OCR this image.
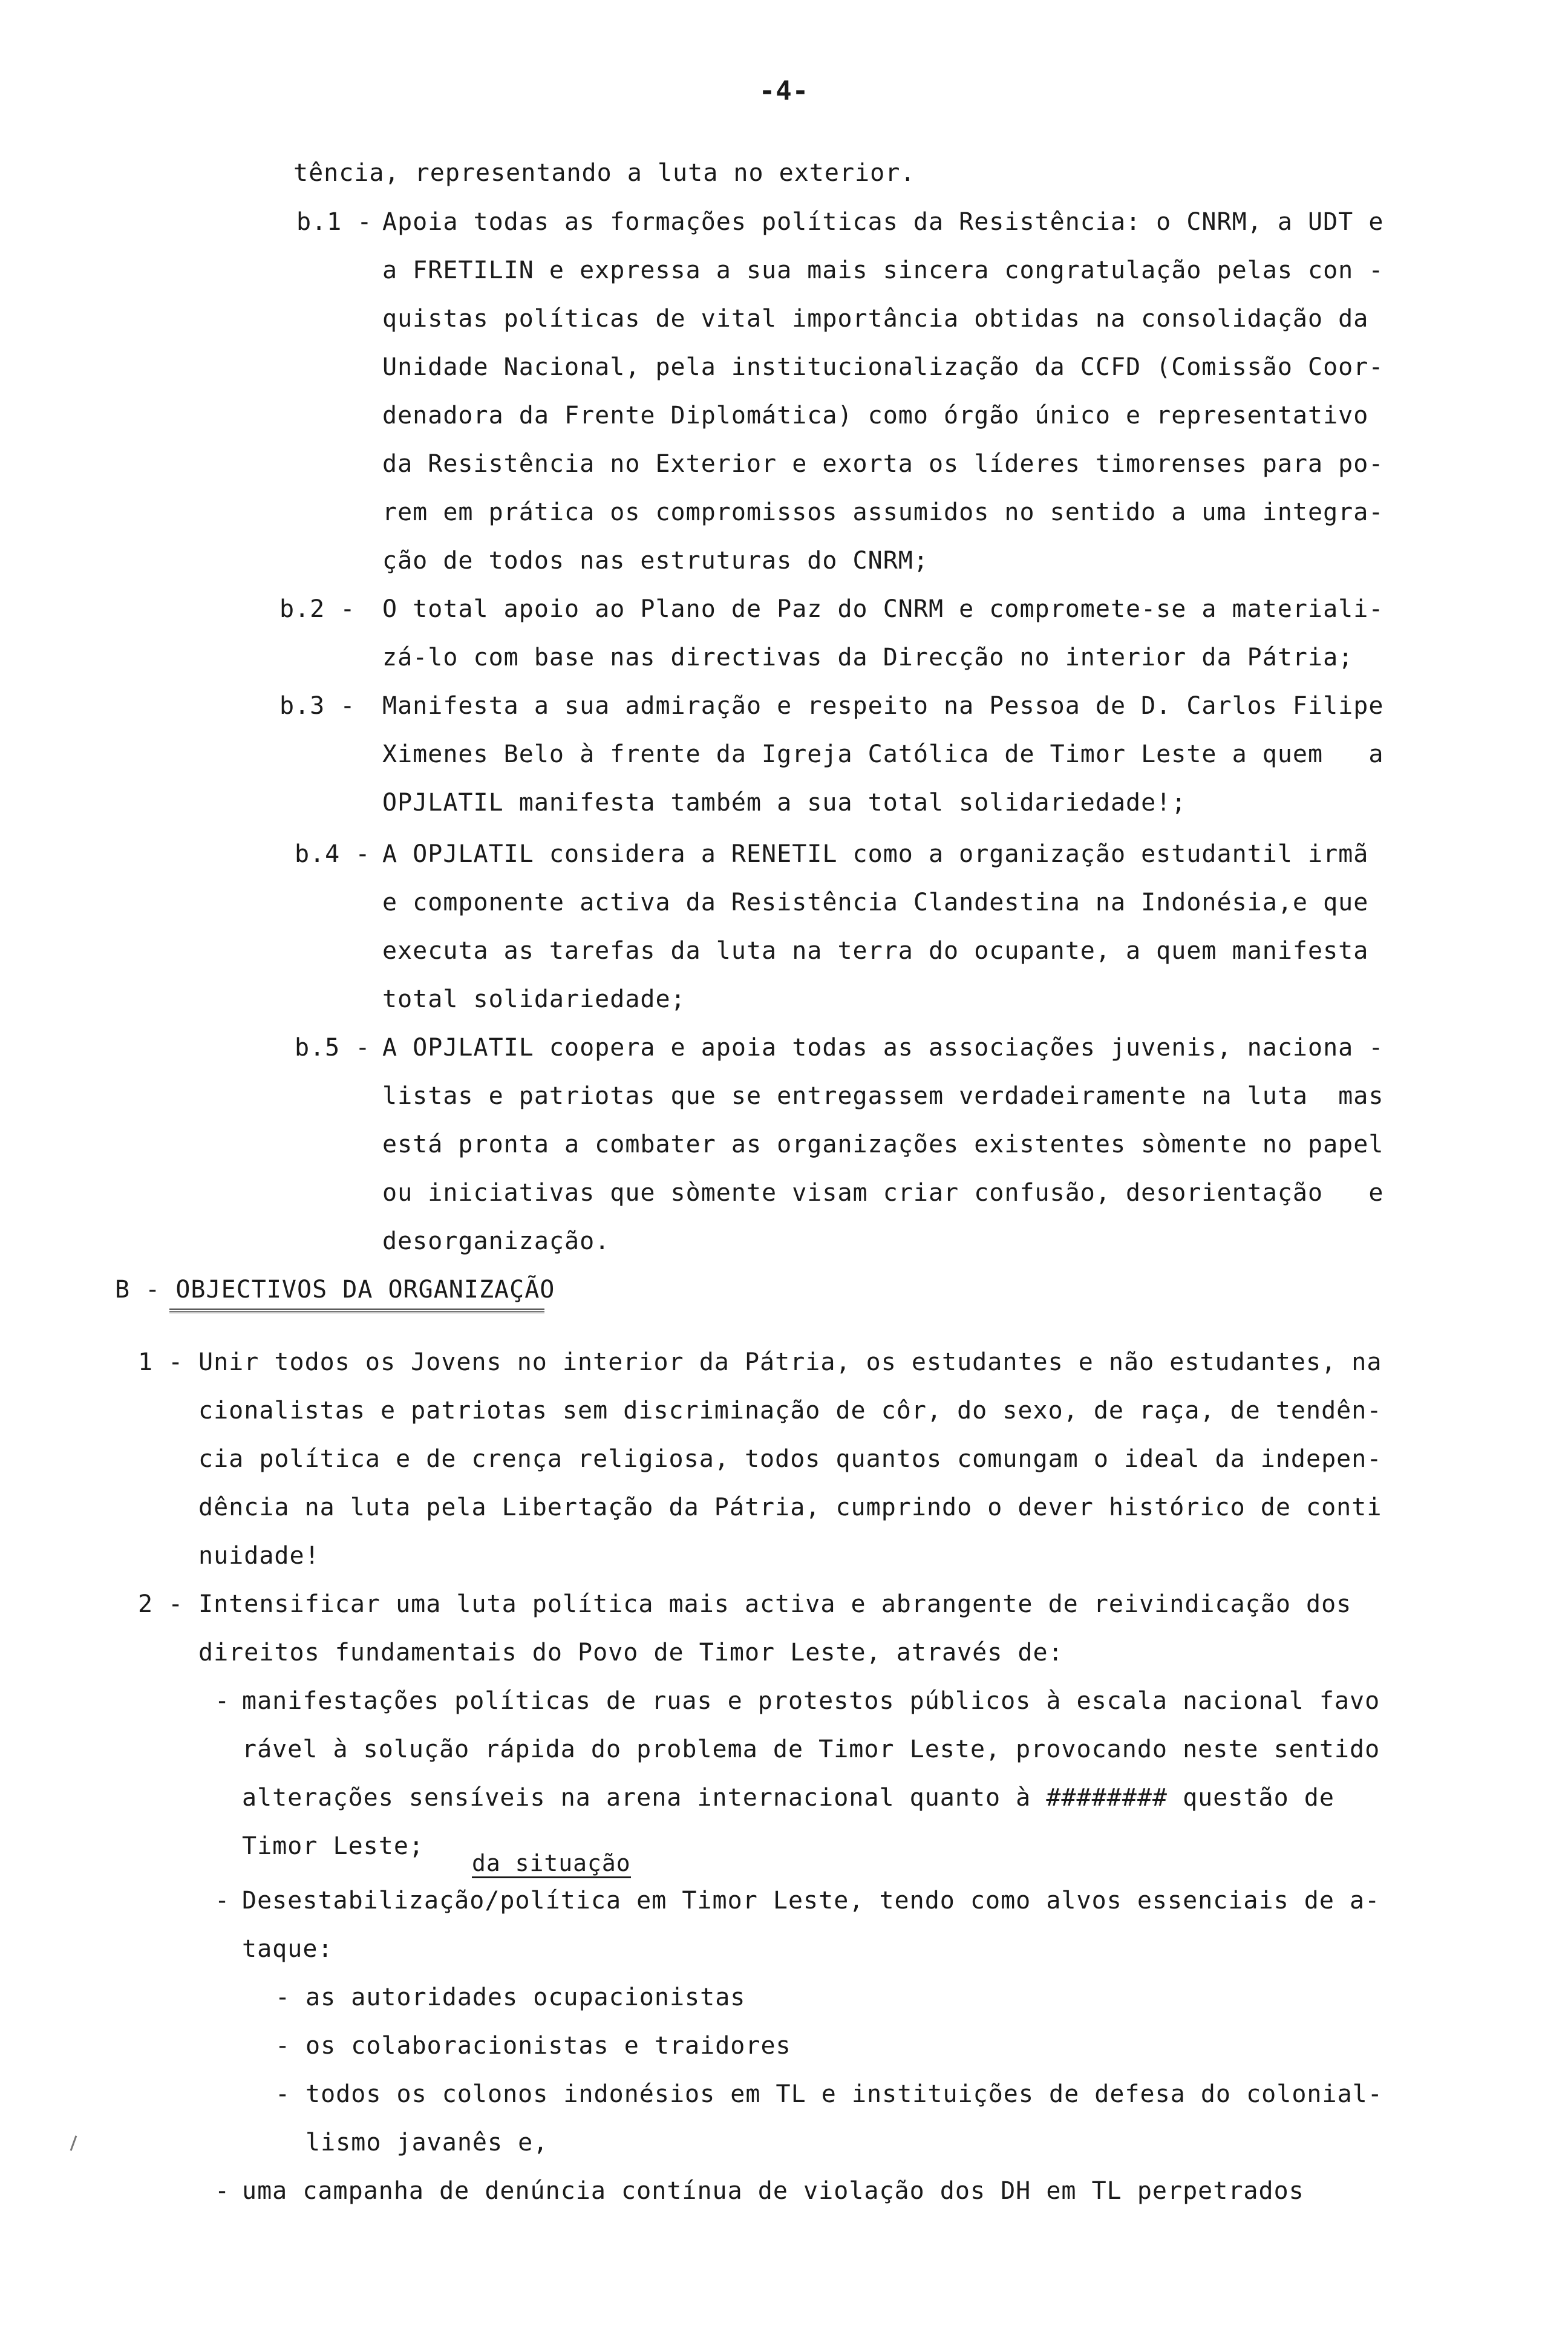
-4-
tência, representando a luta no exterior.
b.1 - Apoia todas as formações políticas da Resistência: o CNRM, a UDT e
a FRETILIN e expressa a sua mais sincera congratulação pelas con -
quistas políticas de vital importância obtidas na consolidação da
Unidade Nacional, pela institucionalização da CCFD (Comissão Coor-
denadora da Frente Diplomática) como órgão único e representativo
da Resistência no Exterior e exorta os líderes timorenses para po-
rem em prática os compromissos assumidos no sentido a uma integra-
ção de todos nas estruturas do CNRM;
b.2 - O total apoio ao Plano de Paz do CNRM e compromete-se a materiali-
zá-lo com base nas directivas da Direcção no interior da Pátria;
b.3 - Manifesta a sua admiração e respeito na Pessoa de D. Carlos Filipe
Ximenes Belo à frente da Igreja Católica de Timor Leste a quem   a
OPJLATIL manifesta também a sua total solidariedade!;
b.4 - A OPJLATIL considera a RENETIL como a organização estudantil irmã
e componente activa da Resistência Clandestina na Indonésia,e que
executa as tarefas da luta na terra do ocupante, a quem manifesta
total solidariedade;
b.5 - A OPJLATIL coopera e apoia todas as associações juvenis, naciona -
listas e patriotas que se entregassem verdadeiramente na luta  mas
está pronta a combater as organizações existentes sòmente no papel
ou iniciativas que sòmente visam criar confusão, desorientação   e
desorganização.
B - OBJECTIVOS DA ORGANIZAÇÃO
1 - Unir todos os Jovens no interior da Pátria, os estudantes e não estudantes, na
cionalistas e patriotas sem discriminação de côr, do sexo, de raça, de tendên-
cia política e de crença religiosa, todos quantos comungam o ideal da indepen-
dência na luta pela Libertação da Pátria, cumprindo o dever histórico de conti
nuidade!
2 - Intensificar uma luta política mais activa e abrangente de reivindicação dos
direitos fundamentais do Povo de Timor Leste, através de:
- manifestações políticas de ruas e protestos públicos à escala nacional favo
rável à solução rápida do problema de Timor Leste, provocando neste sentido
alterações sensíveis na arena internacional quanto à ######## questão de
Timor Leste;
da situação
- Desestabilização/política em Timor Leste, tendo como alvos essenciais de a-
taque:
- as autoridades ocupacionistas
- os colaboracionistas e traidores
- todos os colonos indonésios em TL e instituições de defesa do colonial-
lismo javanês e,
- uma campanha de denúncia contínua de violação dos DH em TL perpetrados
